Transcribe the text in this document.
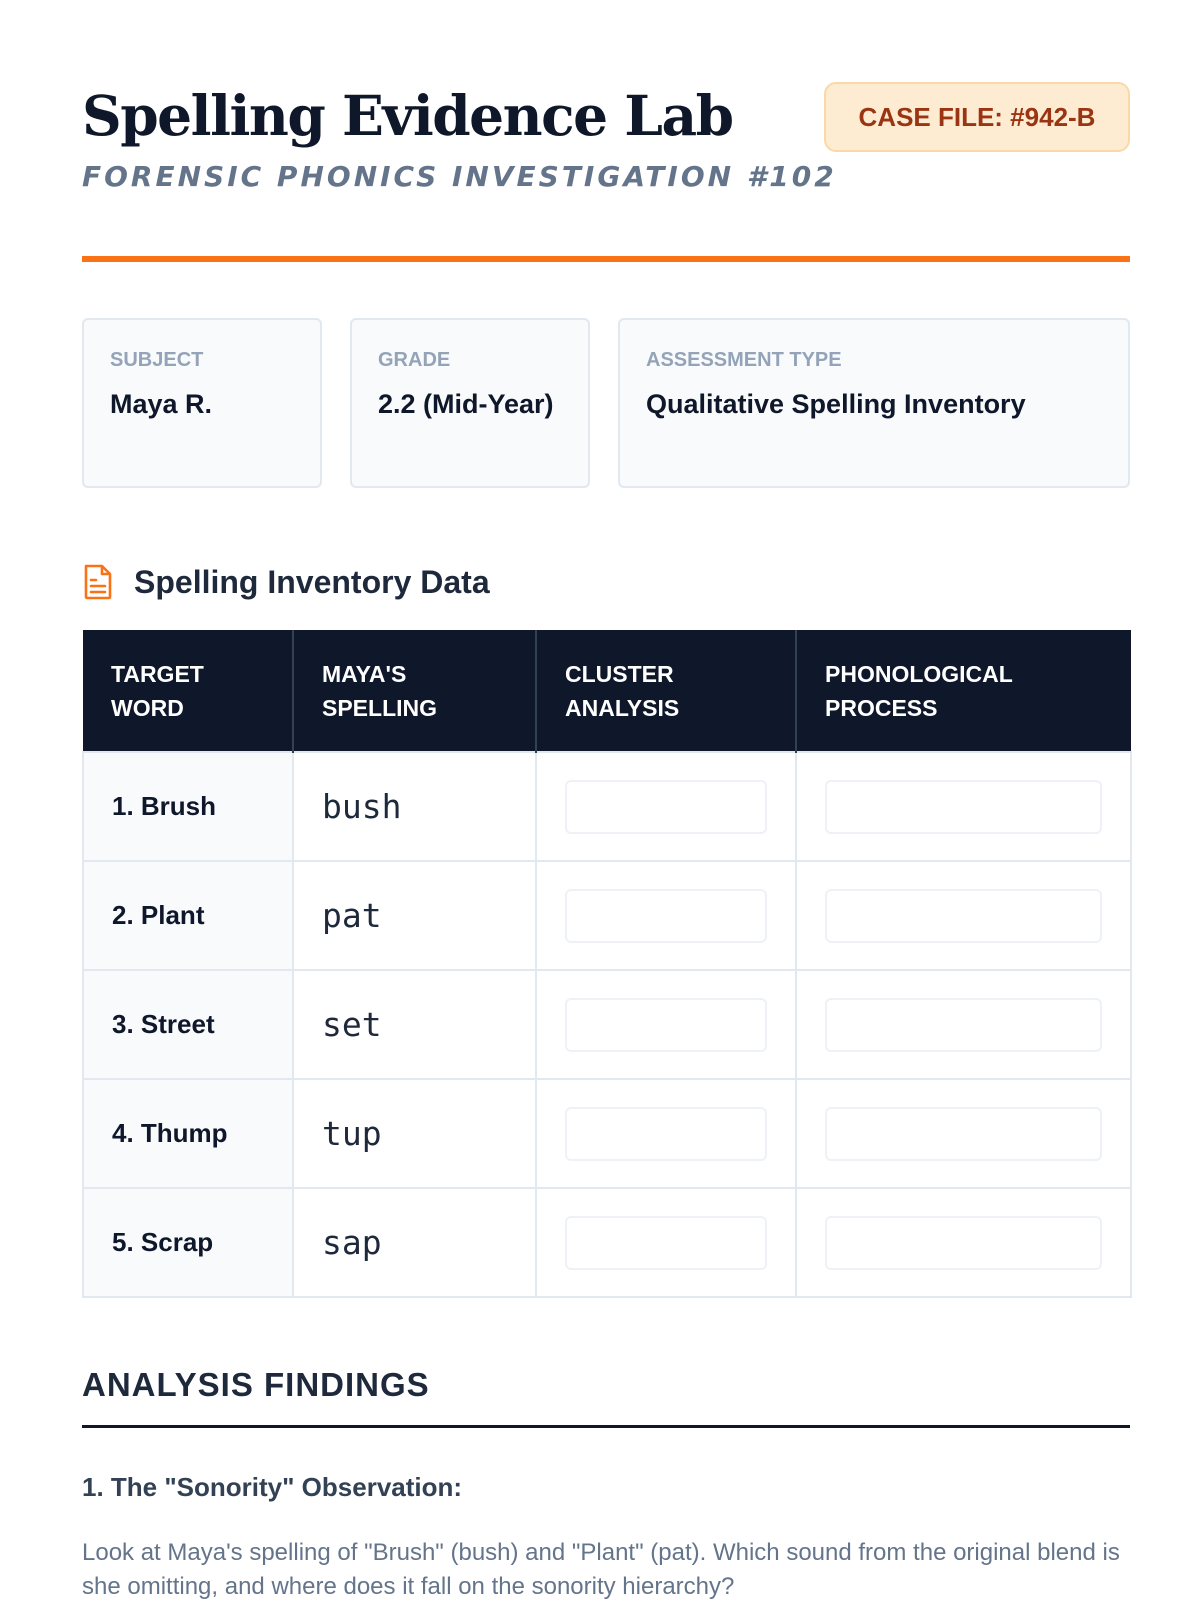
Spelling Evidence Lab
FORENSIC PHONICS INVESTIGATION #102
CASE FILE: #942-B
SUBJECT
Maya R.
GRADE
2.2 (Mid-Year)
ASSESSMENT TYPE
Qualitative Spelling Inventory
Spelling Inventory Data
TARGET WORD	MAYA'S SPELLING	CLUSTER ANALYSIS	PHONOLOGICAL PROCESS
1. Brush	bush	

2. Plant	pat	

3. Street	set	

4. Thump	tup	

5. Scrap	sap	

ANALYSIS FINDINGS
1. The "Sonority" Observation:

Look at Maya's spelling of "Brush" (bush) and "Plant" (pat). Which sound from the original blend is she omitting, and where does it fall on the sonority hierarchy?
